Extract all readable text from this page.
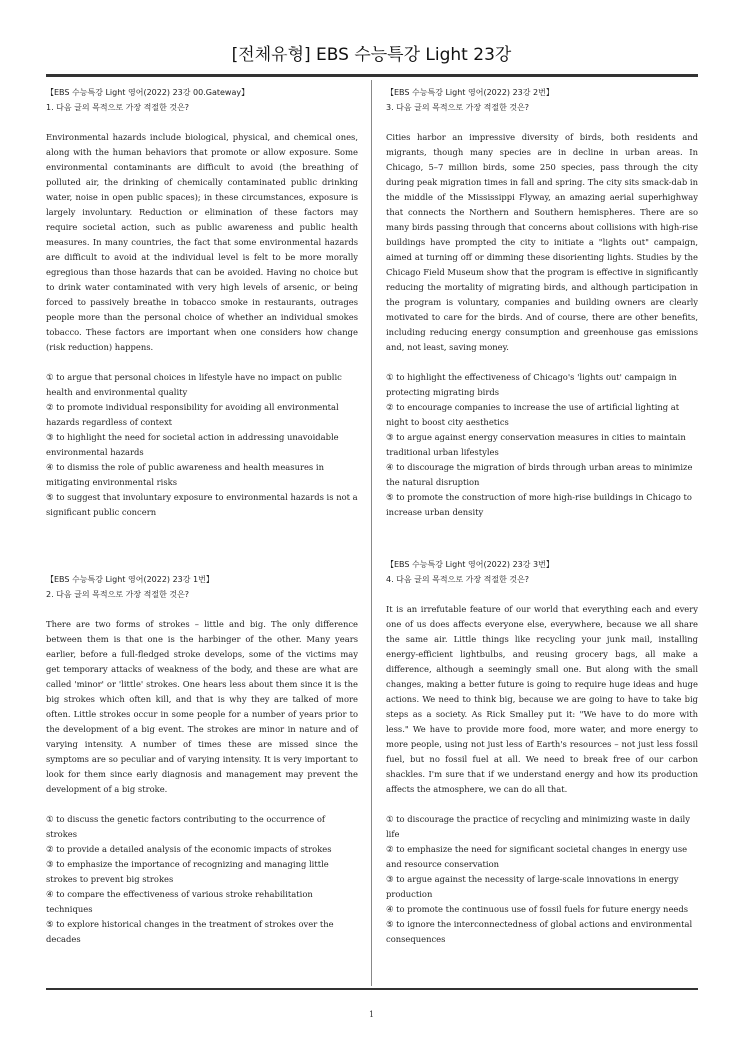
[전체유형] EBS 수능특강 Light 23강
【EBS 수능특강 Light 영어(2022) 23강 00.Gateway】
1. 다음 글의 목적으로 가장 적절한 것은?
Environmental hazards include biological, physical, and chemical ones, along with the human behaviors that promote or allow exposure. Some environmental contaminants are difficult to avoid (the breathing of polluted air, the drinking of chemically contaminated public drinking water, noise in open public spaces); in these circumstances, exposure is largely involuntary. Reduction or elimination of these factors may require societal action, such as public awareness and public health measures. In many countries, the fact that some environmental hazards are difficult to avoid at the individual level is felt to be more morally egregious than those hazards that can be avoided. Having no choice but to drink water contaminated with very high levels of arsenic, or being forced to passively breathe in tobacco smoke in restaurants, outrages people more than the personal choice of whether an individual smokes tobacco. These factors are important when one considers how change (risk reduction) happens.

① to argue that personal choices in lifestyle have no impact on public health and environmental quality

② to promote individual responsibility for avoiding all environmental hazards regardless of context

③ to highlight the need for societal action in addressing unavoidable environmental hazards

④ to dismiss the role of public awareness and health measures in mitigating environmental risks

⑤ to suggest that involuntary exposure to environmental hazards is not a significant public concern

【EBS 수능특강 Light 영어(2022) 23강 1번】
2. 다음 글의 목적으로 가장 적절한 것은?
There are two forms of strokes – little and big. The only difference between them is that one is the harbinger of the other. Many years earlier, before a full-fledged stroke develops, some of the victims may get temporary attacks of weakness of the body, and these are what are called 'minor' or 'little' strokes. One hears less about them since it is the big strokes which often kill, and that is why they are talked of more often. Little strokes occur in some people for a number of years prior to the development of a big event. The strokes are minor in nature and of varying intensity. A number of times these are missed since the symptoms are so peculiar and of varying intensity. It is very important to look for them since early diagnosis and management may prevent the development of a big stroke.

① to discuss the genetic factors contributing to the occurrence of strokes

② to provide a detailed analysis of the economic impacts of strokes

③ to emphasize the importance of recognizing and managing little strokes to prevent big strokes

④ to compare the effectiveness of various stroke rehabilitation techniques

⑤ to explore historical changes in the treatment of strokes over the decades

【EBS 수능특강 Light 영어(2022) 23강 2번】
3. 다음 글의 목적으로 가장 적절한 것은?
Cities harbor an impressive diversity of birds, both residents and migrants, though many species are in decline in urban areas. In Chicago, 5–7 million birds, some 250 species, pass through the city during peak migration times in fall and spring. The city sits smack-dab in the middle of the Mississippi Flyway, an amazing aerial superhighway that connects the Northern and Southern hemispheres. There are so many birds passing through that concerns about collisions with high-rise buildings have prompted the city to initiate a "lights out" campaign, aimed at turning off or dimming these disorienting lights. Studies by the Chicago Field Museum show that the program is effective in significantly reducing the mortality of migrating birds, and although participation in the program is voluntary, companies and building owners are clearly motivated to care for the birds. And of course, there are other benefits, including reducing energy consumption and greenhouse gas emissions and, not least, saving money.

① to highlight the effectiveness of Chicago's 'lights out' campaign in protecting migrating birds

② to encourage companies to increase the use of artificial lighting at night to boost city aesthetics

③ to argue against energy conservation measures in cities to maintain traditional urban lifestyles

④ to discourage the migration of birds through urban areas to minimize the natural disruption

⑤ to promote the construction of more high-rise buildings in Chicago to increase urban density

【EBS 수능특강 Light 영어(2022) 23강 3번】
4. 다음 글의 목적으로 가장 적절한 것은?
It is an irrefutable feature of our world that everything each and every one of us does affects everyone else, everywhere, because we all share the same air. Little things like recycling your junk mail, installing energy-efficient lightbulbs, and reusing grocery bags, all make a difference, although a seemingly small one. But along with the small changes, making a better future is going to require huge ideas and huge actions. We need to think big, because we are going to have to take big steps as a society. As Rick Smalley put it: "We have to do more with less." We have to provide more food, more water, and more energy to more people, using not just less of Earth's resources – not just less fossil fuel, but no fossil fuel at all. We need to break free of our carbon shackles. I'm sure that if we understand energy and how its production affects the atmosphere, we can do all that.

① to discourage the practice of recycling and minimizing waste in daily life

② to emphasize the need for significant societal changes in energy use and resource conservation

③ to argue against the necessity of large-scale innovations in energy production

④ to promote the continuous use of fossil fuels for future energy needs

⑤ to ignore the interconnectedness of global actions and environmental consequences

1
